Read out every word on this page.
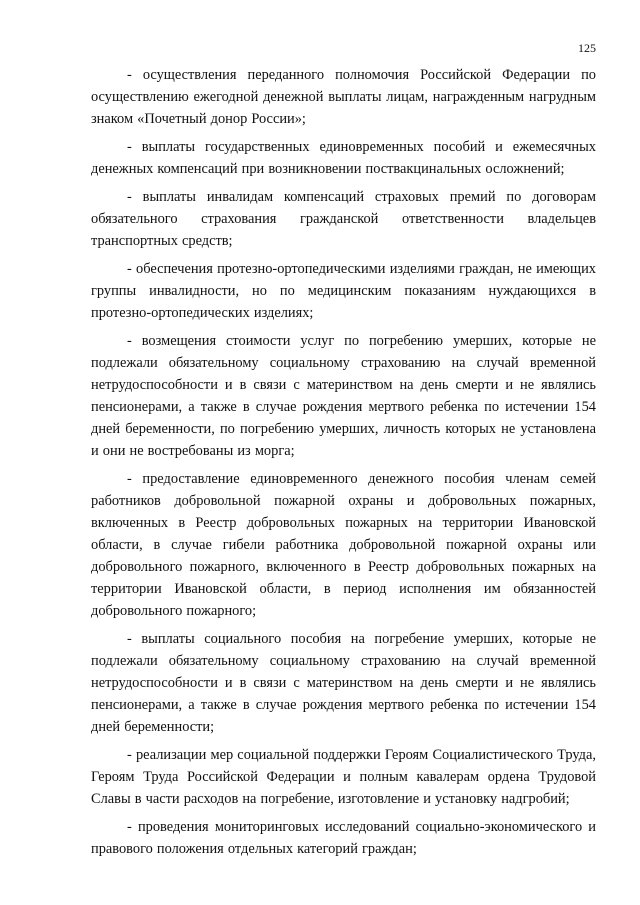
125

- осуществления переданного полномочия Российской Федерации по осуществлению ежегодной денежной выплаты лицам, награжденным нагрудным знаком «Почетный донор России»;

- выплаты государственных единовременных пособий и ежемесячных денежных компенсаций при возникновении поствакцинальных осложнений;

- выплаты инвалидам компенсаций страховых премий по договорам обязательного страхования гражданской ответственности владельцев транспортных средств;

- обеспечения протезно-ортопедическими изделиями граждан, не имеющих группы инвалидности, но по медицинским показаниям нуждающихся в протезно-ортопедических изделиях;

- возмещения стоимости услуг по погребению умерших, которые не подлежали обязательному социальному страхованию на случай временной нетрудоспособности и в связи с материнством на день смерти и не являлись пенсионерами, а также в случае рождения мертвого ребенка по истечении 154 дней беременности, по погребению умерших, личность которых не установлена и они не востребованы из морга;

- предоставление единовременного денежного пособия членам семей работников добровольной пожарной охраны и добровольных пожарных, включенных в Реестр добровольных пожарных на территории Ивановской области, в случае гибели работника добровольной пожарной охраны или добровольного пожарного, включенного в Реестр добровольных пожарных на территории Ивановской области, в период исполнения им обязанностей добровольного пожарного;

- выплаты социального пособия на погребение умерших, которые не подлежали обязательному социальному страхованию на случай временной нетрудоспособности и в связи с материнством на день смерти и не являлись пенсионерами, а также в случае рождения мертвого ребенка по истечении 154 дней беременности;

- реализации мер социальной поддержки Героям Социалистического Труда, Героям Труда Российской Федерации и полным кавалерам ордена Трудовой Славы в части расходов на погребение, изготовление и установку надгробий;

- проведения мониторинговых исследований социально-экономического и правового положения отдельных категорий граждан;
